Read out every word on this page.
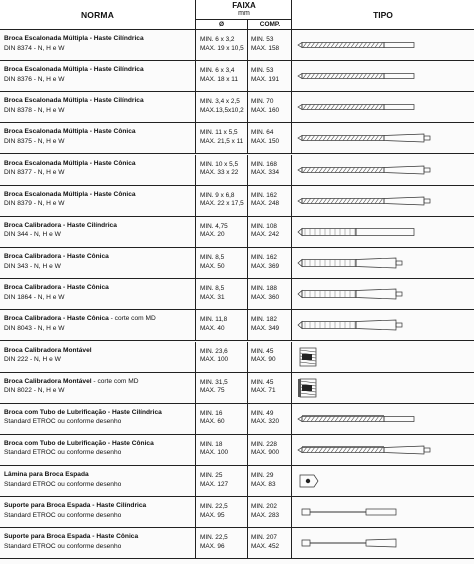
NORMA
FAIXA
mm
Ø	COMP.
TIPO
Broca Escalonada Múltipla - Haste Cilíndrica
DIN 8374 - N, H e W
MIN. 6 x 3,2
MAX. 19 x 10,5
MIN. 53
MAX. 158
Broca Escalonada Múltipla - Haste Cilíndrica
DIN 8376 - N, H e W
MIN. 6 x 3,4
MAX. 18 x 11
MIN. 53
MAX. 191
Broca Escalonada Múltipla - Haste Cilíndrica
DIN 8378 - N, H e W
MIN. 3,4 x 2,5
MAX.13,5x10,2
MIN. 70
MAX. 160
Broca Escalonada Múltipla - Haste Cônica
DIN 8375 - N, H e W
MIN. 11 x 5,5
MAX. 21,5 x 11
MIN. 64
MAX. 150
Broca Escalonada Múltipla - Haste Cônica
DIN 8377 - N, H e W
MIN. 10 x 5,5
MAX. 33 x 22
MIN. 168
MAX. 334
Broca Escalonada Múltipla - Haste Cônica
DIN 8379 - N, H e W
MIN. 9 x 6,8
MAX. 22 x 17,5
MIN. 162
MAX. 248
Broca Calibradora - Haste Cilíndrica
DIN 344 - N, H e W
MIN. 4,75
MAX. 20
MIN. 108
MAX. 242
Broca Calibradora - Haste Cônica
DIN 343 - N, H e W
MIN. 8,5
MAX. 50
MIN. 162
MAX. 369
Broca Calibradora - Haste Cônica
DIN 1864 - N, H e W
MIN. 8,5
MAX. 31
MIN. 188
MAX. 360
Broca Calibradora - Haste Cônica - corte com MD
DIN 8043 - N, H e W
MIN. 11,8
MAX. 40
MIN. 182
MAX. 349
Broca Calibradora Montável
DIN 222 - N, H e W
MIN. 23,6
MAX. 100
MIN. 45
MAX. 90
Broca Calibradora Montável - corte com MD
DIN 8022 - N, H e W
MIN. 31,5
MAX. 75
MIN. 45
MAX. 71
Broca com Tubo de Lubrificação - Haste Cilíndrica
Standard ETROC ou conforme desenho
MIN. 16
MAX. 60
MIN. 49
MAX. 320
Broca com Tubo de Lubrificação - Haste Cônica
Standard ETROC ou conforme desenho
MIN. 18
MAX. 100
MIN. 228
MAX. 900
Lâmina para Broca Espada
Standard ETROC ou conforme desenho
MIN. 25
MAX. 127
MIN. 29
MAX. 83
Suporte para Broca Espada - Haste Cilíndrica
Standard ETROC ou conforme desenho
MIN. 22,5
MAX. 95
MIN. 202
MAX. 283
Suporte para Broca Espada - Haste Cônica
Standard ETROC ou conforme desenho
MIN. 22,5
MAX. 96
MIN. 207
MAX. 452
